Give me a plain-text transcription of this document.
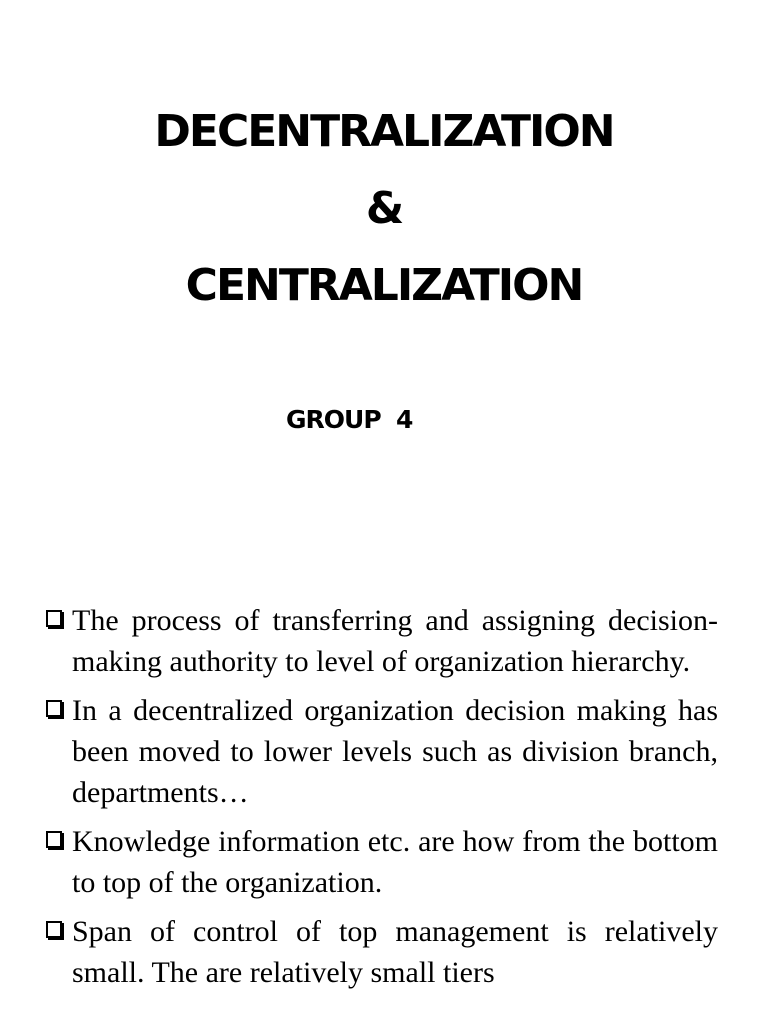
DECENTRALIZATION
&
CENTRALIZATION
GROUP  4
The process of transferring and assigning decision-making authority to level of organization hierarchy.
In a decentralized organization decision making has been moved to lower levels such as division branch, departments…
Knowledge information etc. are how from the bottom to top of the organization.
Span of control of top management is relatively small. The are relatively small tiers
